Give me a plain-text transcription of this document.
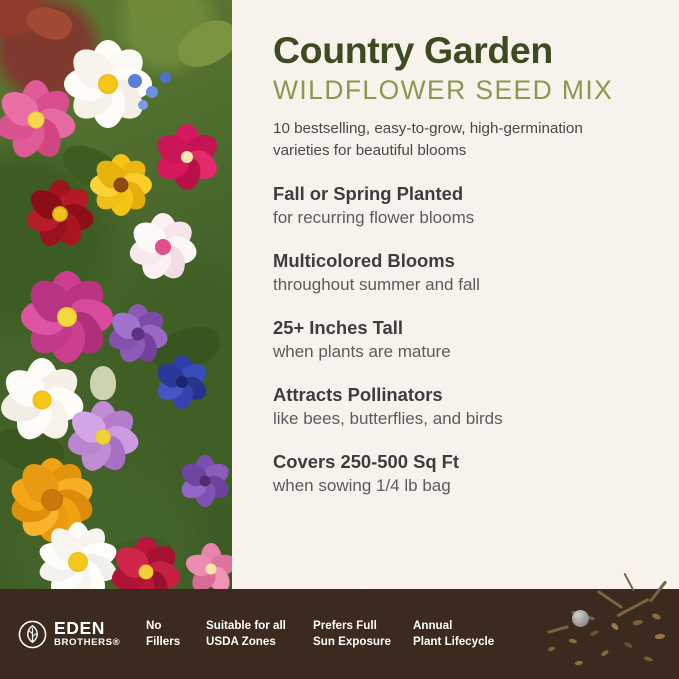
Country Garden
WILDFLOWER SEED MIX
10 bestselling, easy-to-grow, high-germination varieties for beautiful blooms
Fall or Spring Planted
for recurring flower blooms
Multicolored Blooms
throughout summer and fall
25+ Inches Tall
when plants are mature
Attracts Pollinators
like bees, butterflies, and birds
Covers 250-500 Sq Ft
when sowing 1/4 lb bag
EDEN
BROTHERS®
No
Fillers
Suitable for all
USDA Zones
Prefers Full
Sun Exposure
Annual
Plant Lifecycle
